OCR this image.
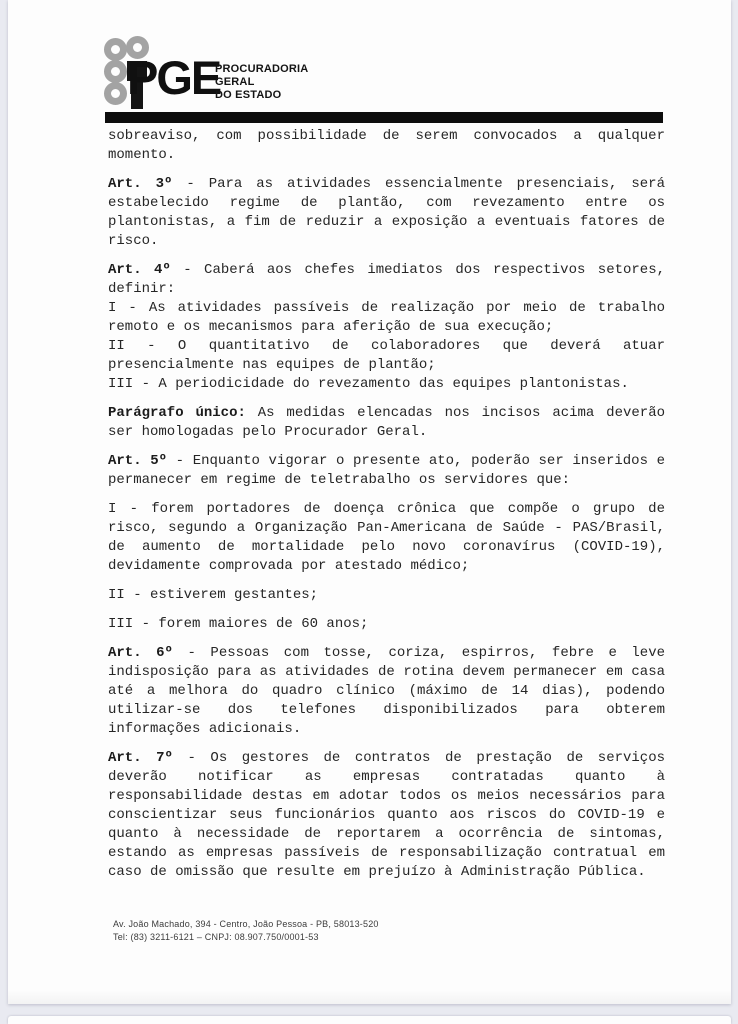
PGE
PROCURADORIA
GERAL
DO ESTADO

sobreaviso, com possibilidade de serem convocados a qualquer momento.

Art. 3º - Para as atividades essencialmente presenciais, será estabelecido regime de plantão, com revezamento entre os plantonistas, a fim de reduzir a exposição a eventuais fatores de risco.

Art. 4º - Caberá aos chefes imediatos dos respectivos setores, definir:

I - As atividades passíveis de realização por meio de trabalho remoto e os mecanismos para aferição de sua execução;

II - O quantitativo de colaboradores que deverá atuar presencialmente nas equipes de plantão;

III - A periodicidade do revezamento das equipes plantonistas.

Parágrafo único: As medidas elencadas nos incisos acima deverão ser homologadas pelo Procurador Geral.

Art. 5º - Enquanto vigorar o presente ato, poderão ser inseridos e permanecer em regime de teletrabalho os servidores que:

I - forem portadores de doença crônica que compõe o grupo de risco, segundo a Organização Pan-Americana de Saúde - PAS/Brasil, de aumento de mortalidade pelo novo coronavírus (COVID-19), devidamente comprovada por atestado médico;

II - estiverem gestantes;

III - forem maiores de 60 anos;

Art. 6º - Pessoas com tosse, coriza, espirros, febre e leve indisposição para as atividades de rotina devem permanecer em casa até a melhora do quadro clínico (máximo de 14 dias), podendo utilizar-se dos telefones disponibilizados para obterem informações adicionais.

Art. 7º - Os gestores de contratos de prestação de serviços deverão notificar as empresas contratadas quanto à responsabilidade destas em adotar todos os meios necessários para conscientizar seus funcionários quanto aos riscos do COVID-19 e quanto à necessidade de reportarem a ocorrência de sintomas, estando as empresas passíveis de responsabilização contratual em caso de omissão que resulte em prejuízo à Administração Pública.

Av. João Machado, 394 - Centro, João Pessoa - PB, 58013-520
Tel: (83) 3211-6121 – CNPJ: 08.907.750/0001-53
